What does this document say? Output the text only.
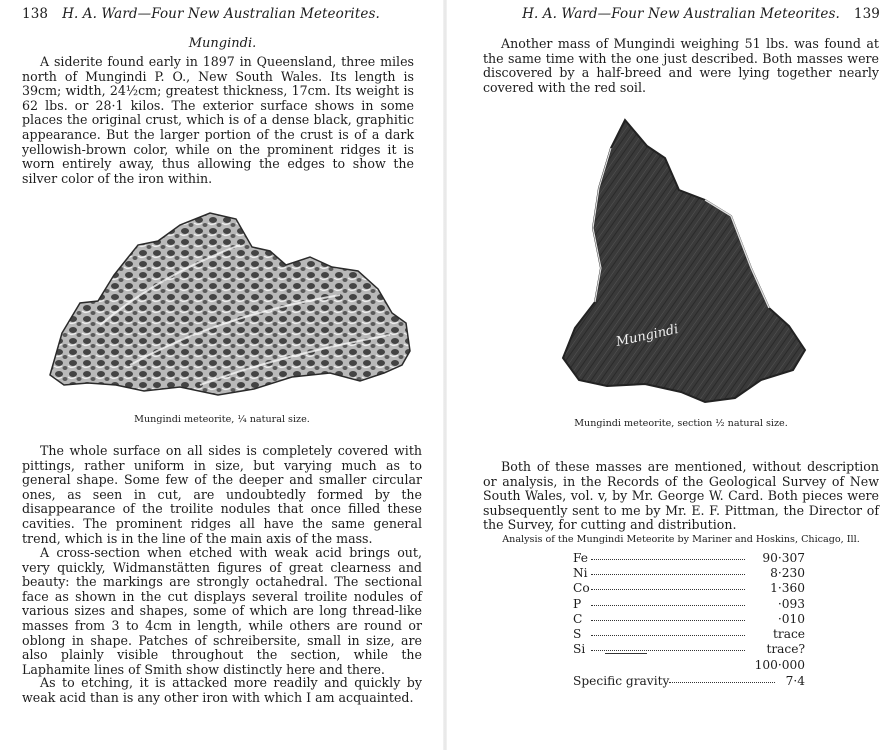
138 H. A. Ward—Four New Australian Meteorites.
Mungindi.

A siderite found early in 1897 in Queensland, three miles north of Mungindi P. O., New South Wales. Its length is 39cm; width, 24½cm; greatest thickness, 17cm. Its weight is 62 lbs. or 28·1 kilos. The exterior surface shows in some places the original crust, which is of a dense black, graphitic appearance. But the larger portion of the crust is of a dark yellowish-brown color, while on the prominent ridges it is worn entirely away, thus allowing the edges to show the silver color of the iron within.

Mungindi meteorite, ¼ natural size.

The whole surface on all sides is completely covered with pittings, rather uniform in size, but varying much as to general shape. Some few of the deeper and smaller circular ones, as seen in cut, are undoubtedly formed by the disappearance of the troilite nodules that once filled these cavities. The prominent ridges all have the same general trend, which is in the line of the main axis of the mass.

A cross-section when etched with weak acid brings out, very quickly, Widmanstätten figures of great clearness and beauty: the markings are strongly octahedral. The sectional face as shown in the cut displays several troilite nodules of various sizes and shapes, some of which are long thread-like masses from 3 to 4cm in length, while others are round or oblong in shape. Patches of schreibersite, small in size, are also plainly visible throughout the section, while the Laphamite lines of Smith show distinctly here and there.

As to etching, it is attacked more readily and quickly by weak acid than is any other iron with which I am acquainted.

H. A. Ward—Four New Australian Meteorites. 139

Another mass of Mungindi weighing 51 lbs. was found at the same time with the one just described. Both masses were discovered by a half-breed and were lying together nearly covered with the red soil.

Mungindi
Mungindi meteorite, section ½ natural size.

Both of these masses are mentioned, without description or analysis, in the Records of the Geological Survey of New South Wales, vol. v, by Mr. George W. Card. Both pieces were subsequently sent to me by Mr. E. F. Pittman, the Director of the Survey, for cutting and distribution.

Analysis of the Mungindi Meteorite by Mariner and Hoskins, Chicago, Ill.
Fe	90·307
Ni	8·230
Co	1·360
P	·093
C	·010
S	trace
Si	trace?
100·000
Specific gravity	7·4
